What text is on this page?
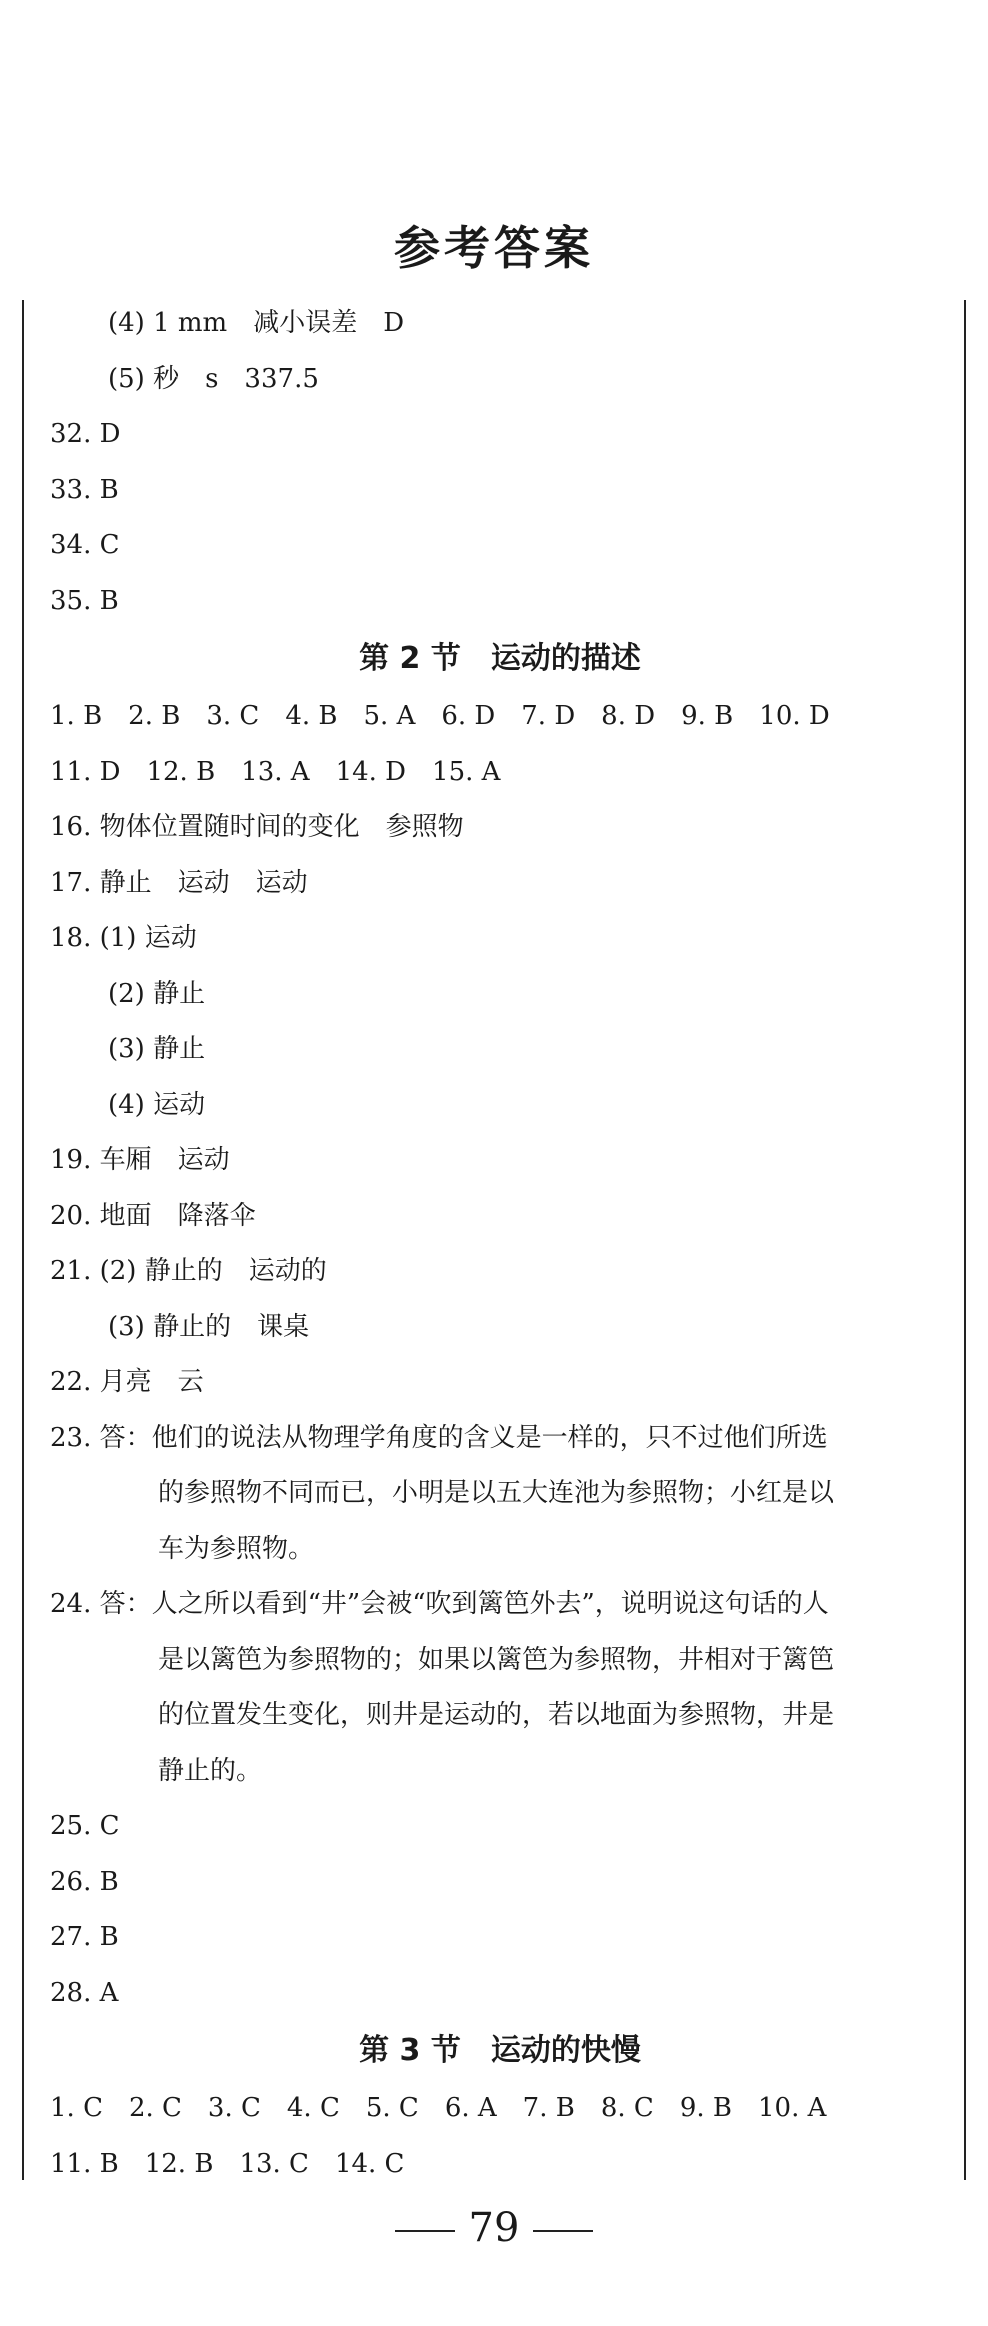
参考答案
(4) 1 mm　减小误差　D
(5) 秒　s　337.5
32. D
33. B
34. C
35. B
第 2 节　运动的描述
1. B　2. B　3. C　4. B　5. A　6. D　7. D　8. D　9. B　10. D
11. D　12. B　13. A　14. D　15. A
16. 物体位置随时间的变化　参照物
17. 静止　运动　运动
18. (1) 运动
(2) 静止
(3) 静止
(4) 运动
19. 车厢　运动
20. 地面　降落伞
21. (2) 静止的　运动的
(3) 静止的　课桌
22. 月亮　云
23. 答：他们的说法从物理学角度的含义是一样的，只不过他们所选
的参照物不同而已，小明是以五大连池为参照物；小红是以
车为参照物。
24. 答：人之所以看到“井”会被“吹到篱笆外去”，说明说这句话的人
是以篱笆为参照物的；如果以篱笆为参照物，井相对于篱笆
的位置发生变化，则井是运动的，若以地面为参照物，井是
静止的。
25. C
26. B
27. B
28. A
第 3 节　运动的快慢
1. C　2. C　3. C　4. C　5. C　6. A　7. B　8. C　9. B　10. A
11. B　12. B　13. C　14. C
79
